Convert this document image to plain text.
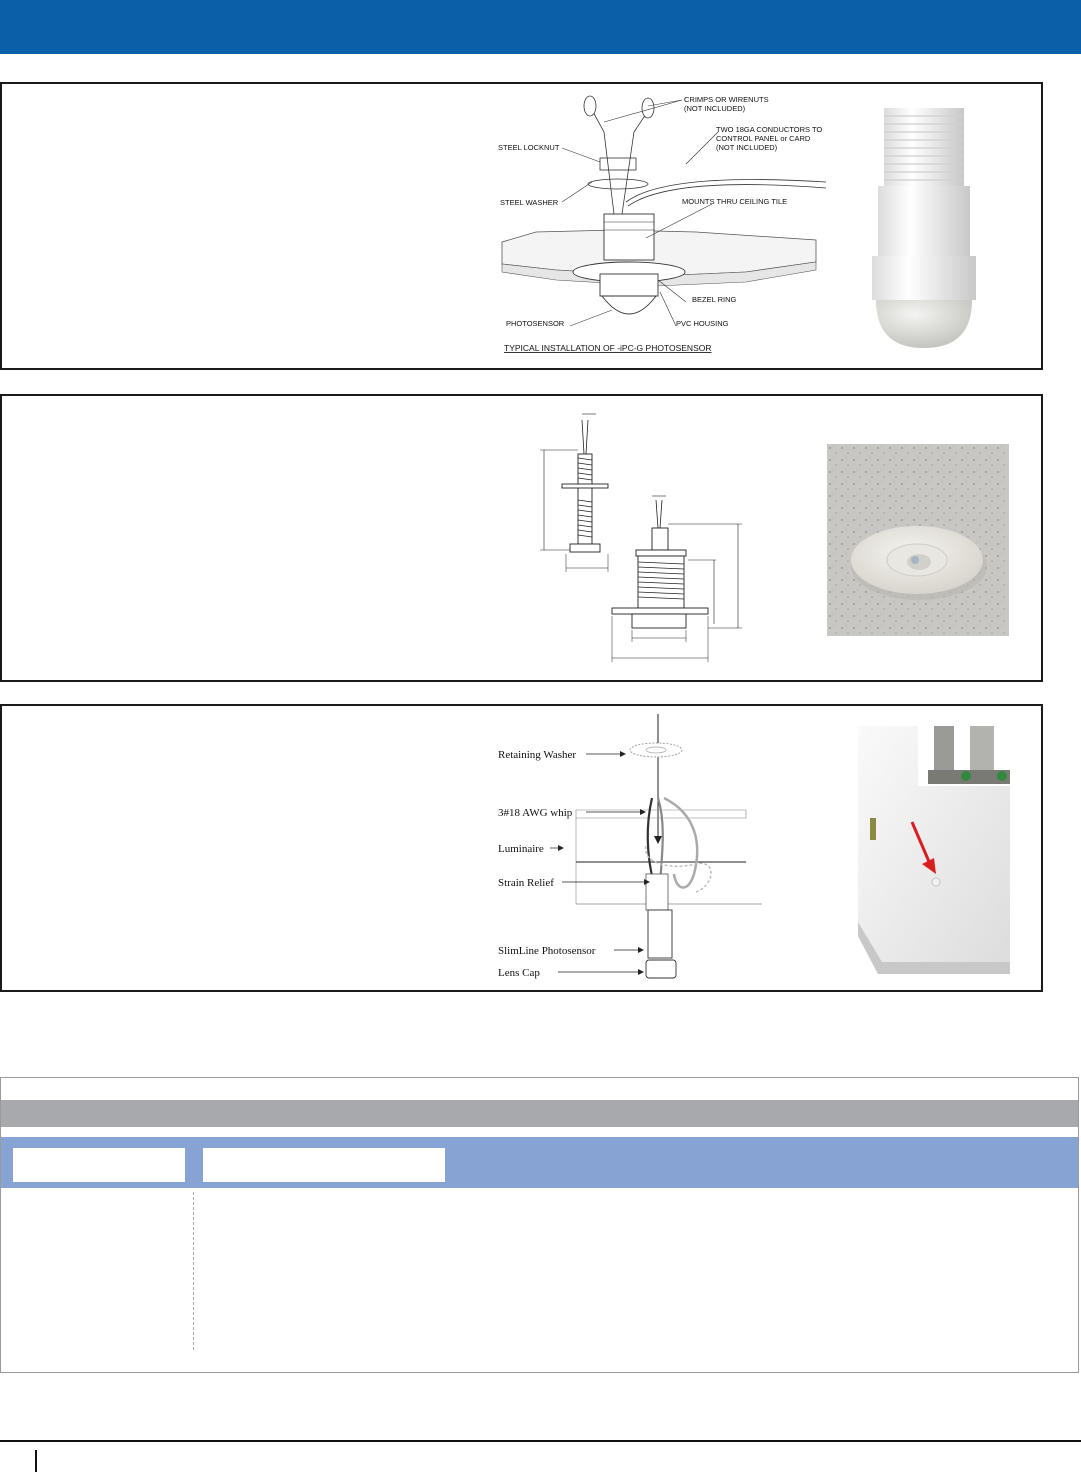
CRIMPS OR WIRENUTS
(NOT INCLUDED)
TWO 18GA CONDUCTORS TO
CONTROL PANEL or CARD
(NOT INCLUDED)
STEEL LOCKNUT
STEEL WASHER	MOUNTS THRU CEILING TILE
BEZEL RING
PHOTOSENSOR	PVC HOUSING
TYPICAL INSTALLATION OF -iPC-G PHOTOSENSOR
Retaining Washer
3#18 AWG whip
Luminaire
Strain Relief
SlimLine Photosensor
Lens Cap
